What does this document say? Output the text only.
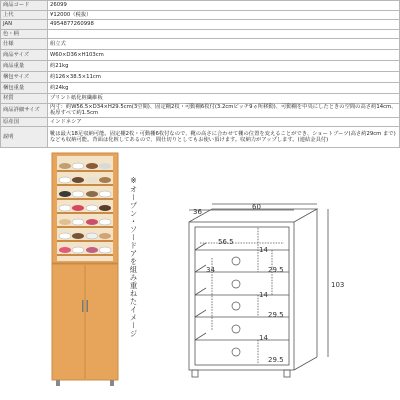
商品コード	26099
上代	¥12000（税抜）
JAN	4954877260998
色・柄	
仕様	組立式
商品サイズ	W60×D36×H103cm
商品重量	約21kg
梱包サイズ	約126×38.5×11cm
梱包重量	約24kg
材質	プリント紙化粧繊維板
商品詳細サイズ	内寸：約W56.5×D34×H29.5cm(3空間)、固定棚2枚・可動棚6枚付(3.2cmピッチ9ヵ所移動)、可動棚を中央にしたときの空間の高さ約14cm、板厚すべて約1.5cm

原産国	インドネシア
説明	靴は最大18足収納可能。固定棚2枚・可動棚6枚付なので、靴の高さに合わせて棚の位置を変えることができ、ショートブーツ(高さ約29cm まで)なども収納可能。背面は化粧してあるので、間仕切りとしてもお使い頂けます。収納力がアップします。(連結金具付)
※オープン・ソードアを組み重ねたイメージ	60
36
103
56.5
34
14
29.5
14
29.5
14
29.5
